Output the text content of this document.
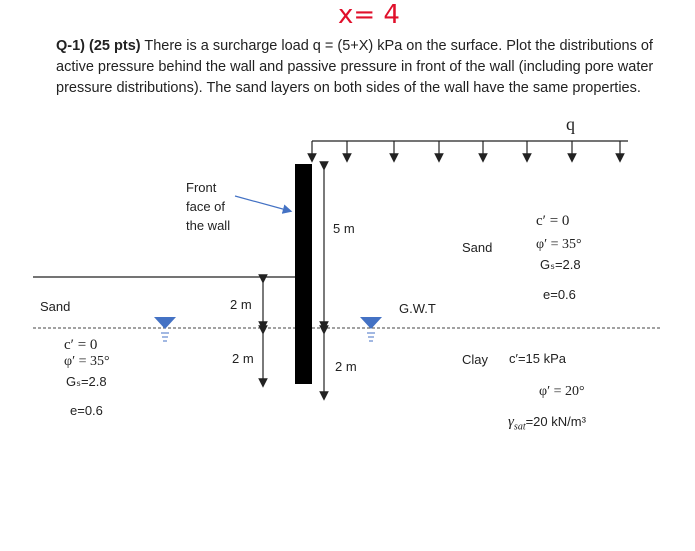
x= 4
Q-1) (25 pts) There is a surcharge load q = (5+X) kPa on the surface. Plot the distributions of active pressure behind the wall and passive pressure in front of the wall (including pore water pressure distributions). The sand layers on both sides of the wall have the same properties.
q
Front
face of
the wall	5 m
2 m
2 m
2 m
G.W.T
Sand
Sand
Clay
c′ = 0
φ′ = 35°
Gₛ=2.8
e=0.6
c′ = 0
φ′ = 35°
Gₛ=2.8
e=0.6
c′=15 kPa
φ′ = 20°
$\gamma_{sat}=20$ kN/m³
